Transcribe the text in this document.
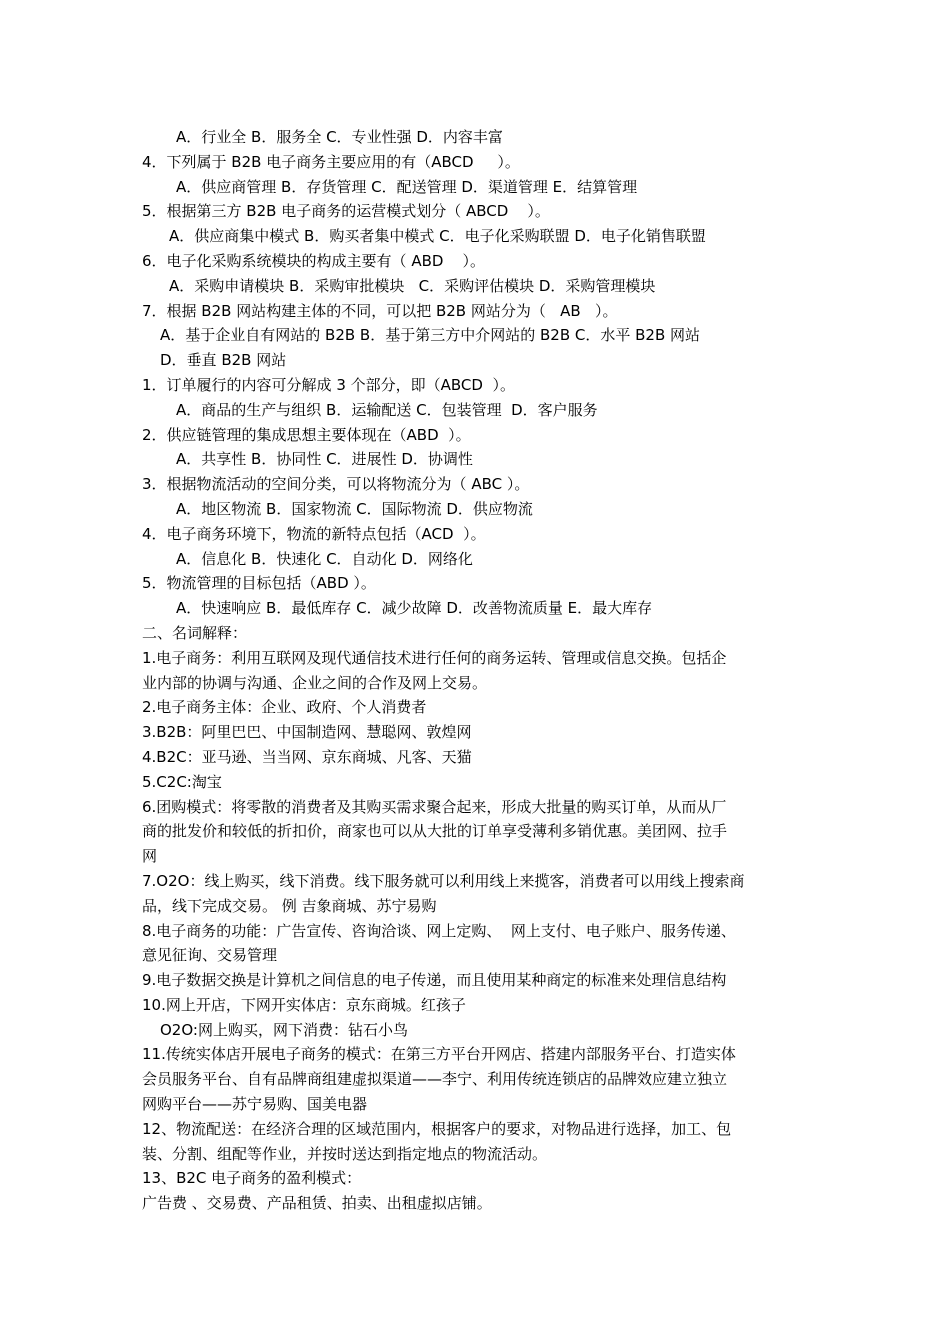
A．行业全 B．服务全 C．专业性强 D．内容丰富
4．下列属于 B2B 电子商务主要应用的有（ABCD     ）。
A．供应商管理 B．存货管理 C．配送管理 D．渠道管理 E．结算管理
5．根据第三方 B2B 电子商务的运营模式划分（ ABCD    ）。
A．供应商集中模式 B．购买者集中模式 C．电子化采购联盟 D．电子化销售联盟
6．电子化采购系统模块的构成主要有（ ABD    ）。
A．采购申请模块 B．采购审批模块   C．采购评估模块 D．采购管理模块
7．根据 B2B 网站构建主体的不同，可以把 B2B 网站分为（   AB   ）。
A．基于企业自有网站的 B2B B．基于第三方中介网站的 B2B C．水平 B2B 网站
D．垂直 B2B 网站
1．订单履行的内容可分解成 3 个部分，即（ABCD  ）。
A．商品的生产与组织 B．运输配送 C．包装管理  D．客户服务
2．供应链管理的集成思想主要体现在（ABD  ）。
A．共享性 B．协同性 C．进展性 D．协调性
3．根据物流活动的空间分类，可以将物流分为（ ABC ）。
A．地区物流 B．国家物流 C．国际物流 D．供应物流
4．电子商务环境下，物流的新特点包括（ACD  ）。
A．信息化 B．快速化 C．自动化 D．网络化
5．物流管理的目标包括（ABD ）。
A．快速响应 B．最低库存 C．减少故障 D．改善物流质量 E．最大库存
二、名词解释：
1.电子商务：利用互联网及现代通信技术进行任何的商务运转、管理或信息交换。包括企
业内部的协调与沟通、企业之间的合作及网上交易。
2.电子商务主体：企业、政府、个人消费者
3.B2B：阿里巴巴、中国制造网、慧聪网、敦煌网
4.B2C：亚马逊、当当网、京东商城、凡客、天猫
5.C2C:淘宝
6.团购模式：将零散的消费者及其购买需求聚合起来，形成大批量的购买订单，从而从厂
商的批发价和较低的折扣价，商家也可以从大批的订单享受薄利多销优惠。美团网、拉手
网
7.O2O：线上购买，线下消费。线下服务就可以利用线上来揽客，消费者可以用线上搜索商
品，线下完成交易。 例 吉象商城、苏宁易购
8.电子商务的功能：广告宣传、咨询洽谈、网上定购、  网上支付、电子账户、服务传递、
意见征询、交易管理
9.电子数据交换是计算机之间信息的电子传递，而且使用某种商定的标准来处理信息结构
10.网上开店，下网开实体店：京东商城。红孩子
O2O:网上购买，网下消费：钻石小鸟
11.传统实体店开展电子商务的模式：在第三方平台开网店、搭建内部服务平台、打造实体
会员服务平台、自有品牌商组建虚拟渠道——李宁、利用传统连锁店的品牌效应建立独立
网购平台——苏宁易购、国美电器
12、物流配送：在经济合理的区域范围内，根据客户的要求，对物品进行选择，加工、包
装、分割、组配等作业，并按时送达到指定地点的物流活动。
13、B2C 电子商务的盈利模式：
广告费 、交易费、产品租赁、拍卖、出租虚拟店铺。
